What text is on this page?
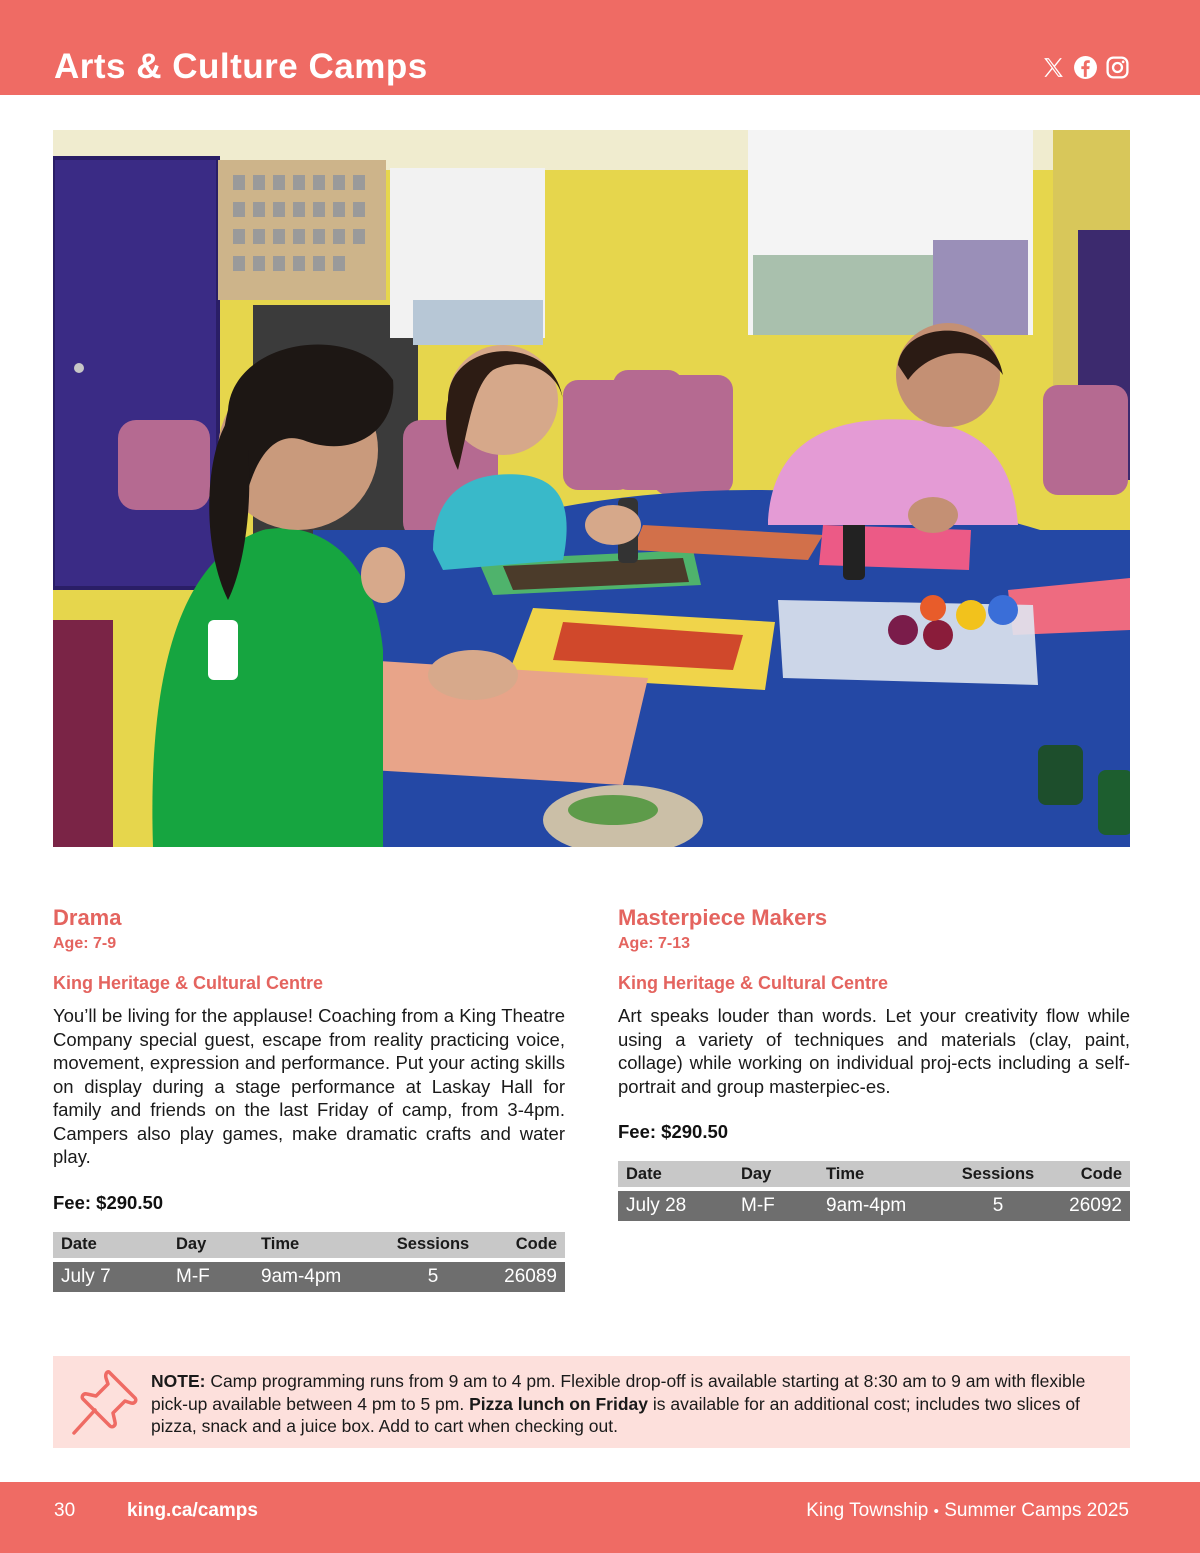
Arts & Culture Camps
Drama
Age: 7-9
King Heritage & Cultural Centre
You’ll be living for the applause! Coaching from a King Theatre Company special guest, escape from reality practicing voice, movement, expression and performance. Put your acting skills on display during a stage performance at Laskay Hall for family and friends on the last Friday of camp, from 3-4pm. Campers also play games, make dramatic crafts and water play.
Fee: $290.50
Date	Day	Time	Sessions	Code

July 7	M-F	9am-4pm	5	26089
Masterpiece Makers
Age: 7-13
King Heritage & Cultural Centre
Art speaks louder than words. Let your creativity flow while using a variety of techniques and materials (clay, paint, collage) while working on individual proj-ects including a self-portrait and group masterpiec-es.
Fee: $290.50
Date	Day	Time	Sessions	Code

July 28	M-F	9am-4pm	5	26092
NOTE: Camp programming runs from 9 am to 4 pm. Flexible drop-off is available starting at 8:30 am to 9 am with flexible pick-up available between 4 pm to 5 pm. Pizza lunch on Friday is available for an additional cost; includes two slices of pizza, snack and a juice box. Add to cart when checking out.
30	king.ca/camps	King Township • Summer Camps 2025
